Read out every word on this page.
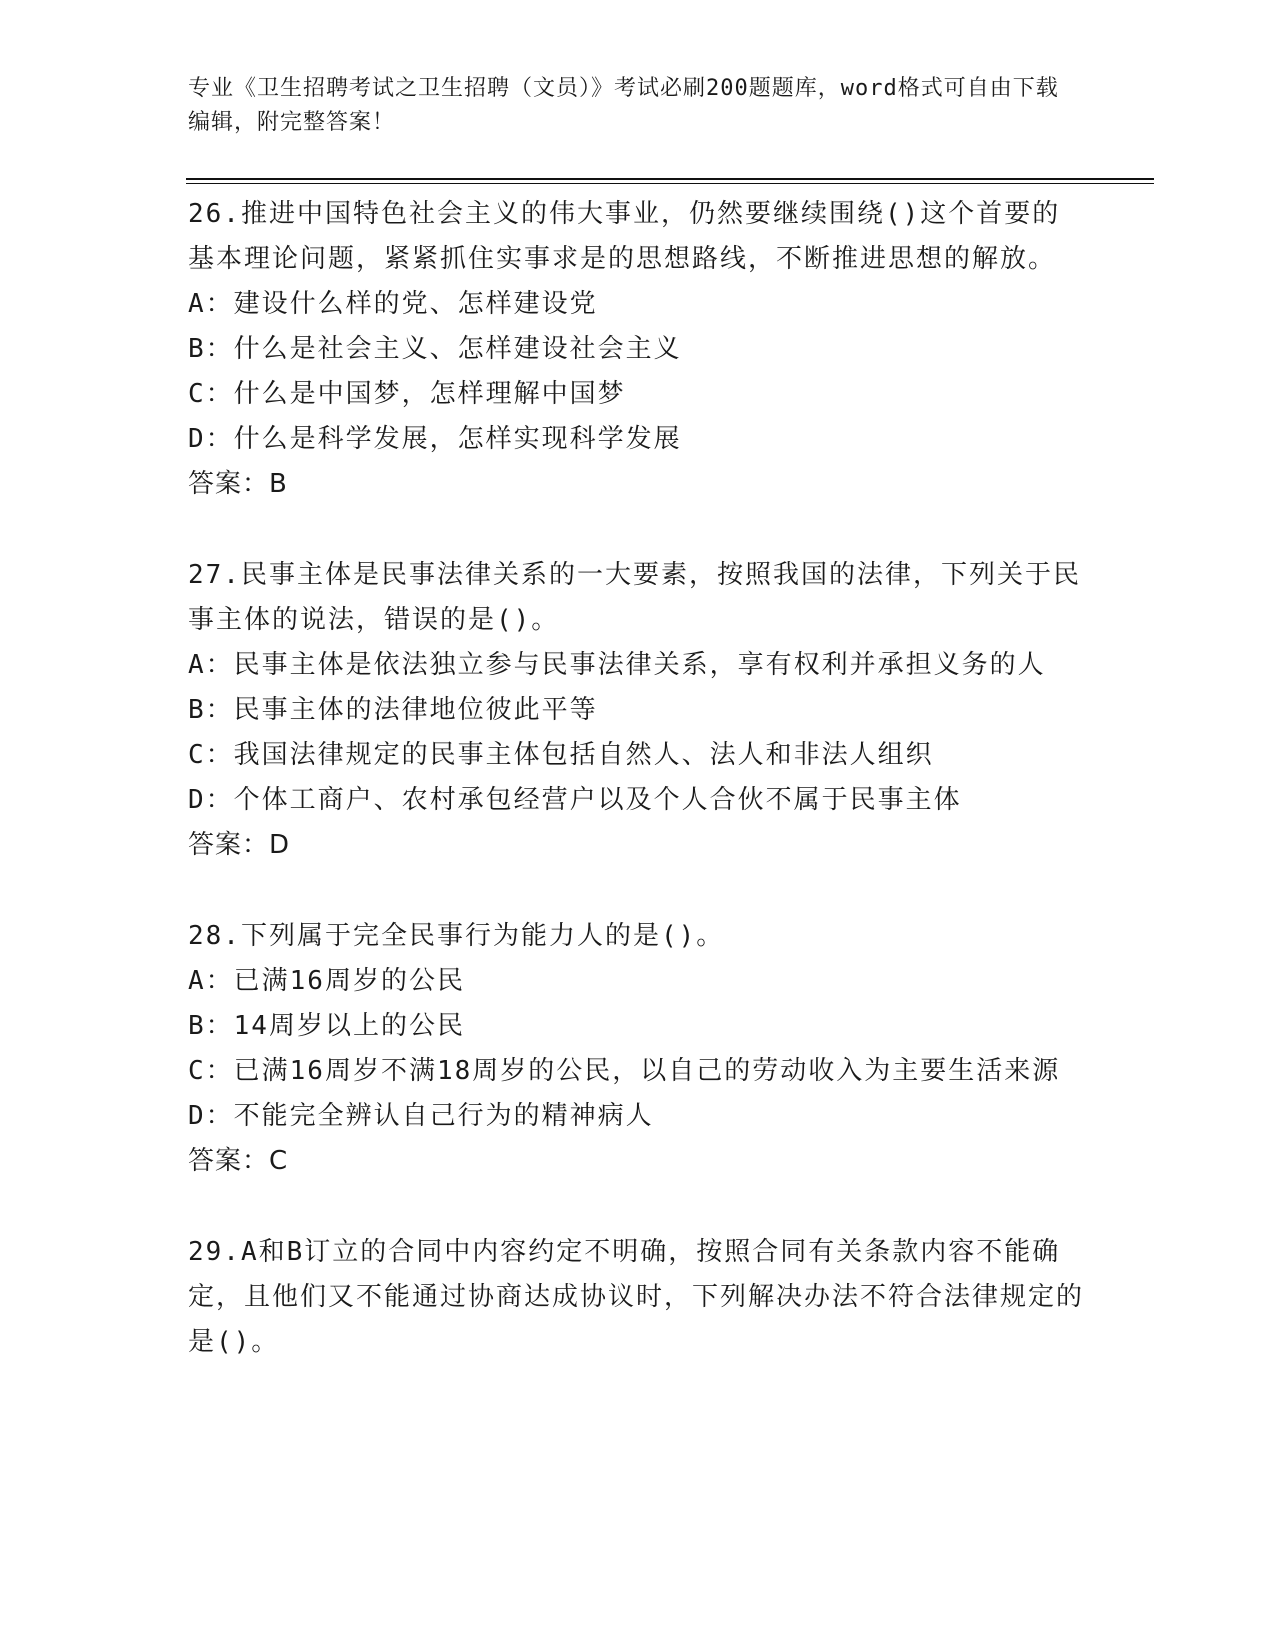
专业《卫生招聘考试之卫生招聘（文员）》考试必刷200题题库，word格式可自由下载编辑，附完整答案！
26.推进中国特色社会主义的伟大事业，仍然要继续围绕()这个首要的基本理论问题，紧紧抓住实事求是的思想路线，不断推进思想的解放。
A：建设什么样的党、怎样建设党
B：什么是社会主义、怎样建设社会主义
C：什么是中国梦，怎样理解中国梦
D：什么是科学发展，怎样实现科学发展
答案：B
27.民事主体是民事法律关系的一大要素，按照我国的法律，下列关于民事主体的说法，错误的是()。
A：民事主体是依法独立参与民事法律关系，享有权利并承担义务的人
B：民事主体的法律地位彼此平等
C：我国法律规定的民事主体包括自然人、法人和非法人组织
D：个体工商户、农村承包经营户以及个人合伙不属于民事主体
答案：D
28.下列属于完全民事行为能力人的是()。
A：已满16周岁的公民
B：14周岁以上的公民
C：已满16周岁不满18周岁的公民，以自己的劳动收入为主要生活来源
D：不能完全辨认自己行为的精神病人
答案：C
29.A和B订立的合同中内容约定不明确，按照合同有关条款内容不能确定，且他们又不能通过协商达成协议时，下列解决办法不符合法律规定的是()。
